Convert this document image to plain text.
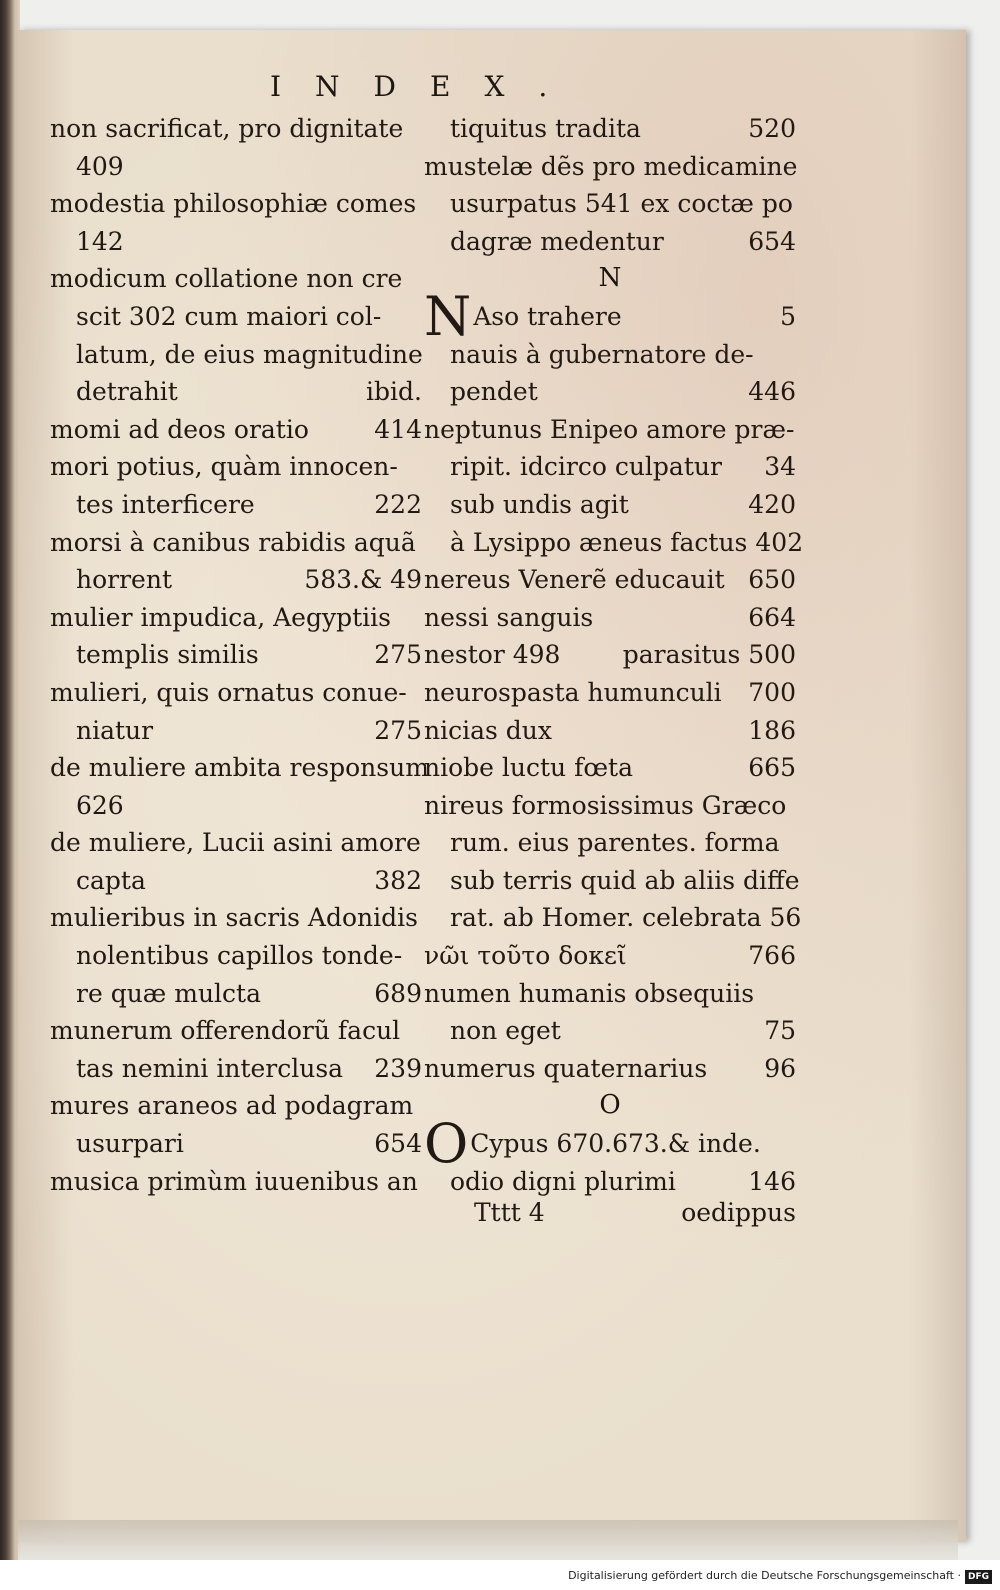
INDEX.
non sacrificat, pro dignitate
409
modestia philosophiæ comes
142
modicum collatione non cre
scit 302 cum maiori col-
latum, de eius magnitudine
detrahit	ibid.
momi ad deos oratio	414
mori potius, quàm innocen-
tes interficere	222
morsi à canibus rabidis aquã
horrent	583.& 49
mulier impudica, Aegyptiis
templis similis	275
mulieri, quis ornatus conue-
niatur	275
de muliere ambita responsum
626
de muliere, Lucii asini amore
capta	382
mulieribus in sacris Adonidis
nolentibus capillos tonde-
re quæ mulcta	689
munerum offerendorũ facul
tas nemini interclusa	239
mures araneos ad podagram
usurpari	654
musica primùm iuuenibus an
tiquitus tradita	520
mustelæ dẽs pro medicamine
usurpatus 541 ex coctæ po
dagræ medentur	654
N
N Aso trahere	5
nauis à gubernatore de-
pendet	446
neptunus Enipeo amore præ-
ripit. idcirco culpatur	34
sub undis agit	420
à Lysippo æneus factus 402
nereus Venerẽ educauit 650
nessi sanguis	664
nestor 498	parasitus 500
neurospasta humunculi	700
nicias dux	186
niobe luctu fœta	665
nireus formosissimus Græco
rum. eius parentes. forma
sub terris quid ab aliis diffe
rat. ab Homer. celebrata 56
νῶι τοῦτο δοκεῖ	766
numen humanis obsequiis
non eget	75
numerus quaternarius	96
O
O Cypus 670.673.& inde.
odio digni plurimi	146
Tttt 4	oedippus
Digitalisierung gefördert durch die Deutsche Forschungsgemeinschaft · DFG
